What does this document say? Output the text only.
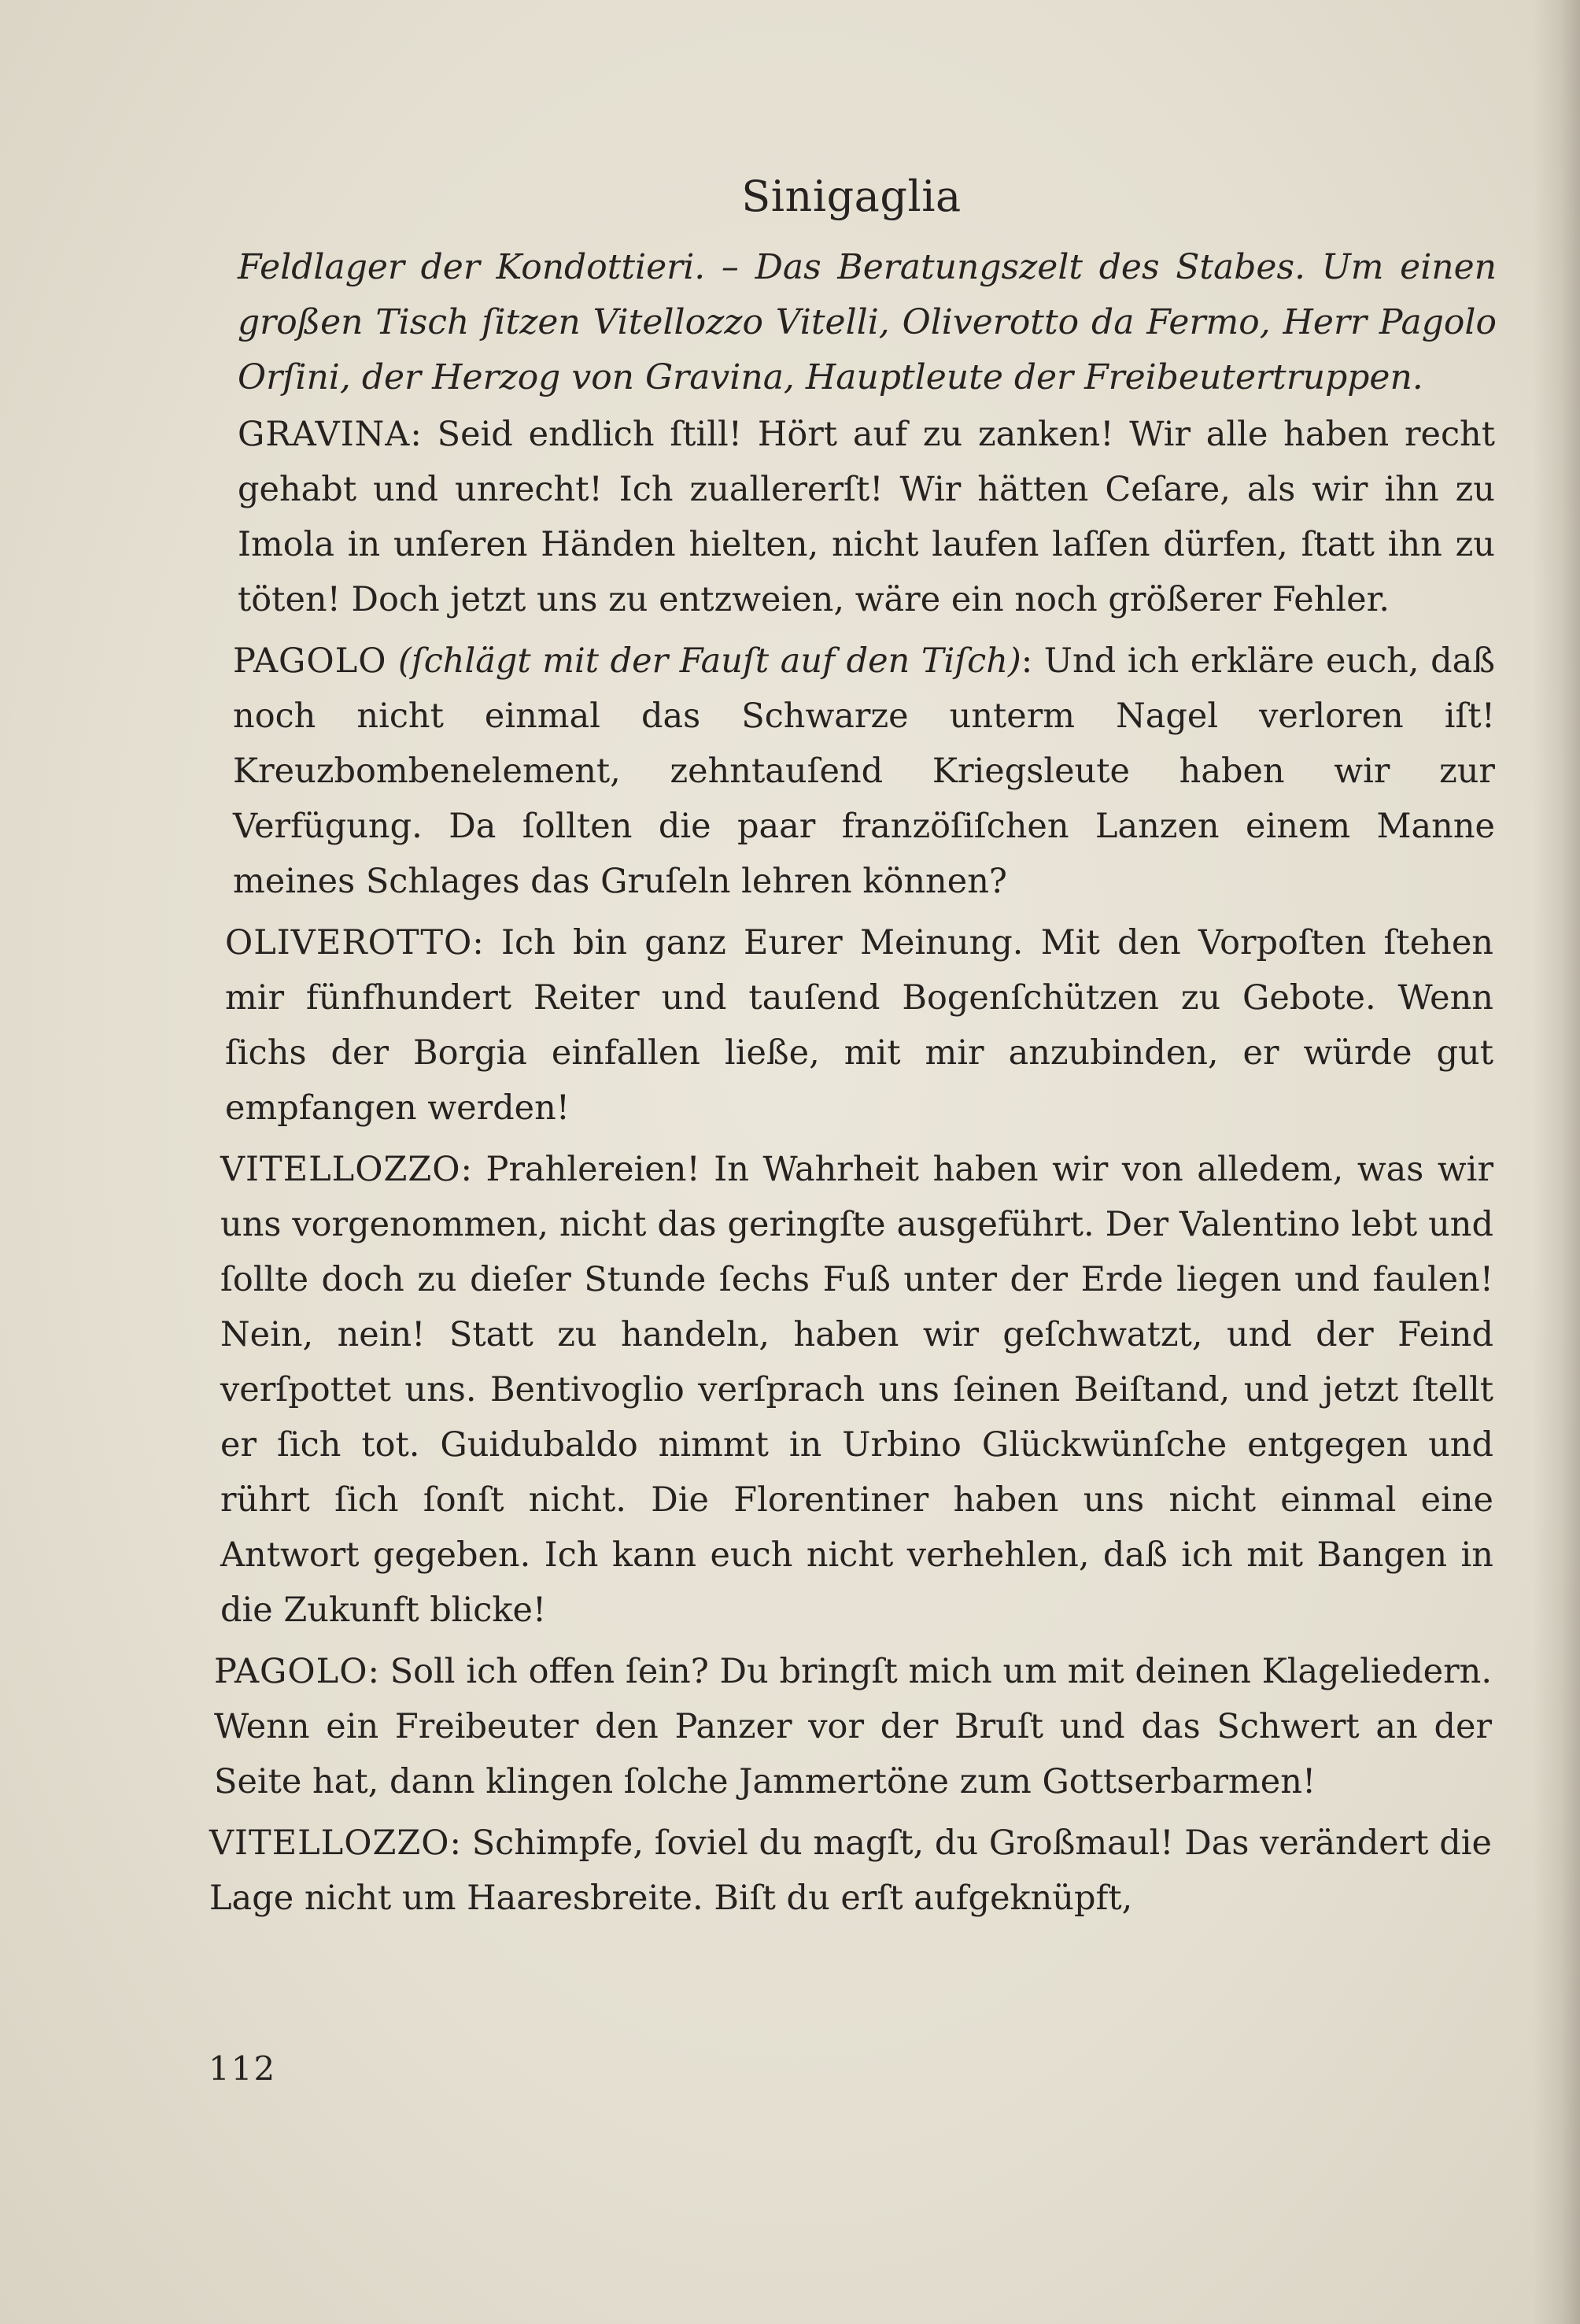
Sinigaglia

Feldlager der Kondottieri. – Das Beratungszelt des Stabes. Um einen großen Tisch ſitzen Vitellozzo Vitelli, Oliverotto da Fermo, Herr Pagolo Orſini, der Herzog von Gravina, Hauptleute der Freibeutertruppen.

GRAVINA: Seid endlich ſtill! Hört auf zu zanken! Wir alle haben recht gehabt und unrecht! Ich zuallererſt! Wir hätten Ceſare, als wir ihn zu Imola in unſeren Händen hielten, nicht laufen laſſen dürfen, ſtatt ihn zu töten! Doch jetzt uns zu entzweien, wäre ein noch größerer Fehler.

PAGOLO (ſchlägt mit der Fauſt auf den Tiſch): Und ich erkläre euch, daß noch nicht einmal das Schwarze unterm Nagel verloren iſt! Kreuzbombenelement, zehntauſend Kriegsleute haben wir zur Verfügung. Da ſollten die paar franzöſiſchen Lanzen einem Manne meines Schlages das Gruſeln lehren können?

OLIVEROTTO: Ich bin ganz Eurer Meinung. Mit den Vorpoſten ſtehen mir fünfhundert Reiter und tauſend Bogenſchützen zu Gebote. Wenn ſichs der Borgia einfallen ließe, mit mir anzubinden, er würde gut empfangen werden!

VITELLOZZO: Prahlereien! In Wahrheit haben wir von alledem, was wir uns vorgenommen, nicht das geringſte ausgeführt. Der Valentino lebt und ſollte doch zu dieſer Stunde ſechs Fuß unter der Erde liegen und faulen! Nein, nein! Statt zu handeln, haben wir geſchwatzt, und der Feind verſpottet uns. Bentivoglio verſprach uns ſeinen Beiſtand, und jetzt ſtellt er ſich tot. Guidubaldo nimmt in Urbino Glückwünſche entgegen und rührt ſich ſonſt nicht. Die Florentiner haben uns nicht einmal eine Antwort gegeben. Ich kann euch nicht verhehlen, daß ich mit Bangen in die Zukunft blicke!

PAGOLO: Soll ich offen ſein? Du bringſt mich um mit deinen Klageliedern. Wenn ein Freibeuter den Panzer vor der Bruſt und das Schwert an der Seite hat, dann klingen ſolche Jammertöne zum Gottserbarmen!

VITELLOZZO: Schimpfe, ſoviel du magſt, du Großmaul! Das verändert die Lage nicht um Haaresbreite. Biſt du erſt aufgeknüpft,

112
